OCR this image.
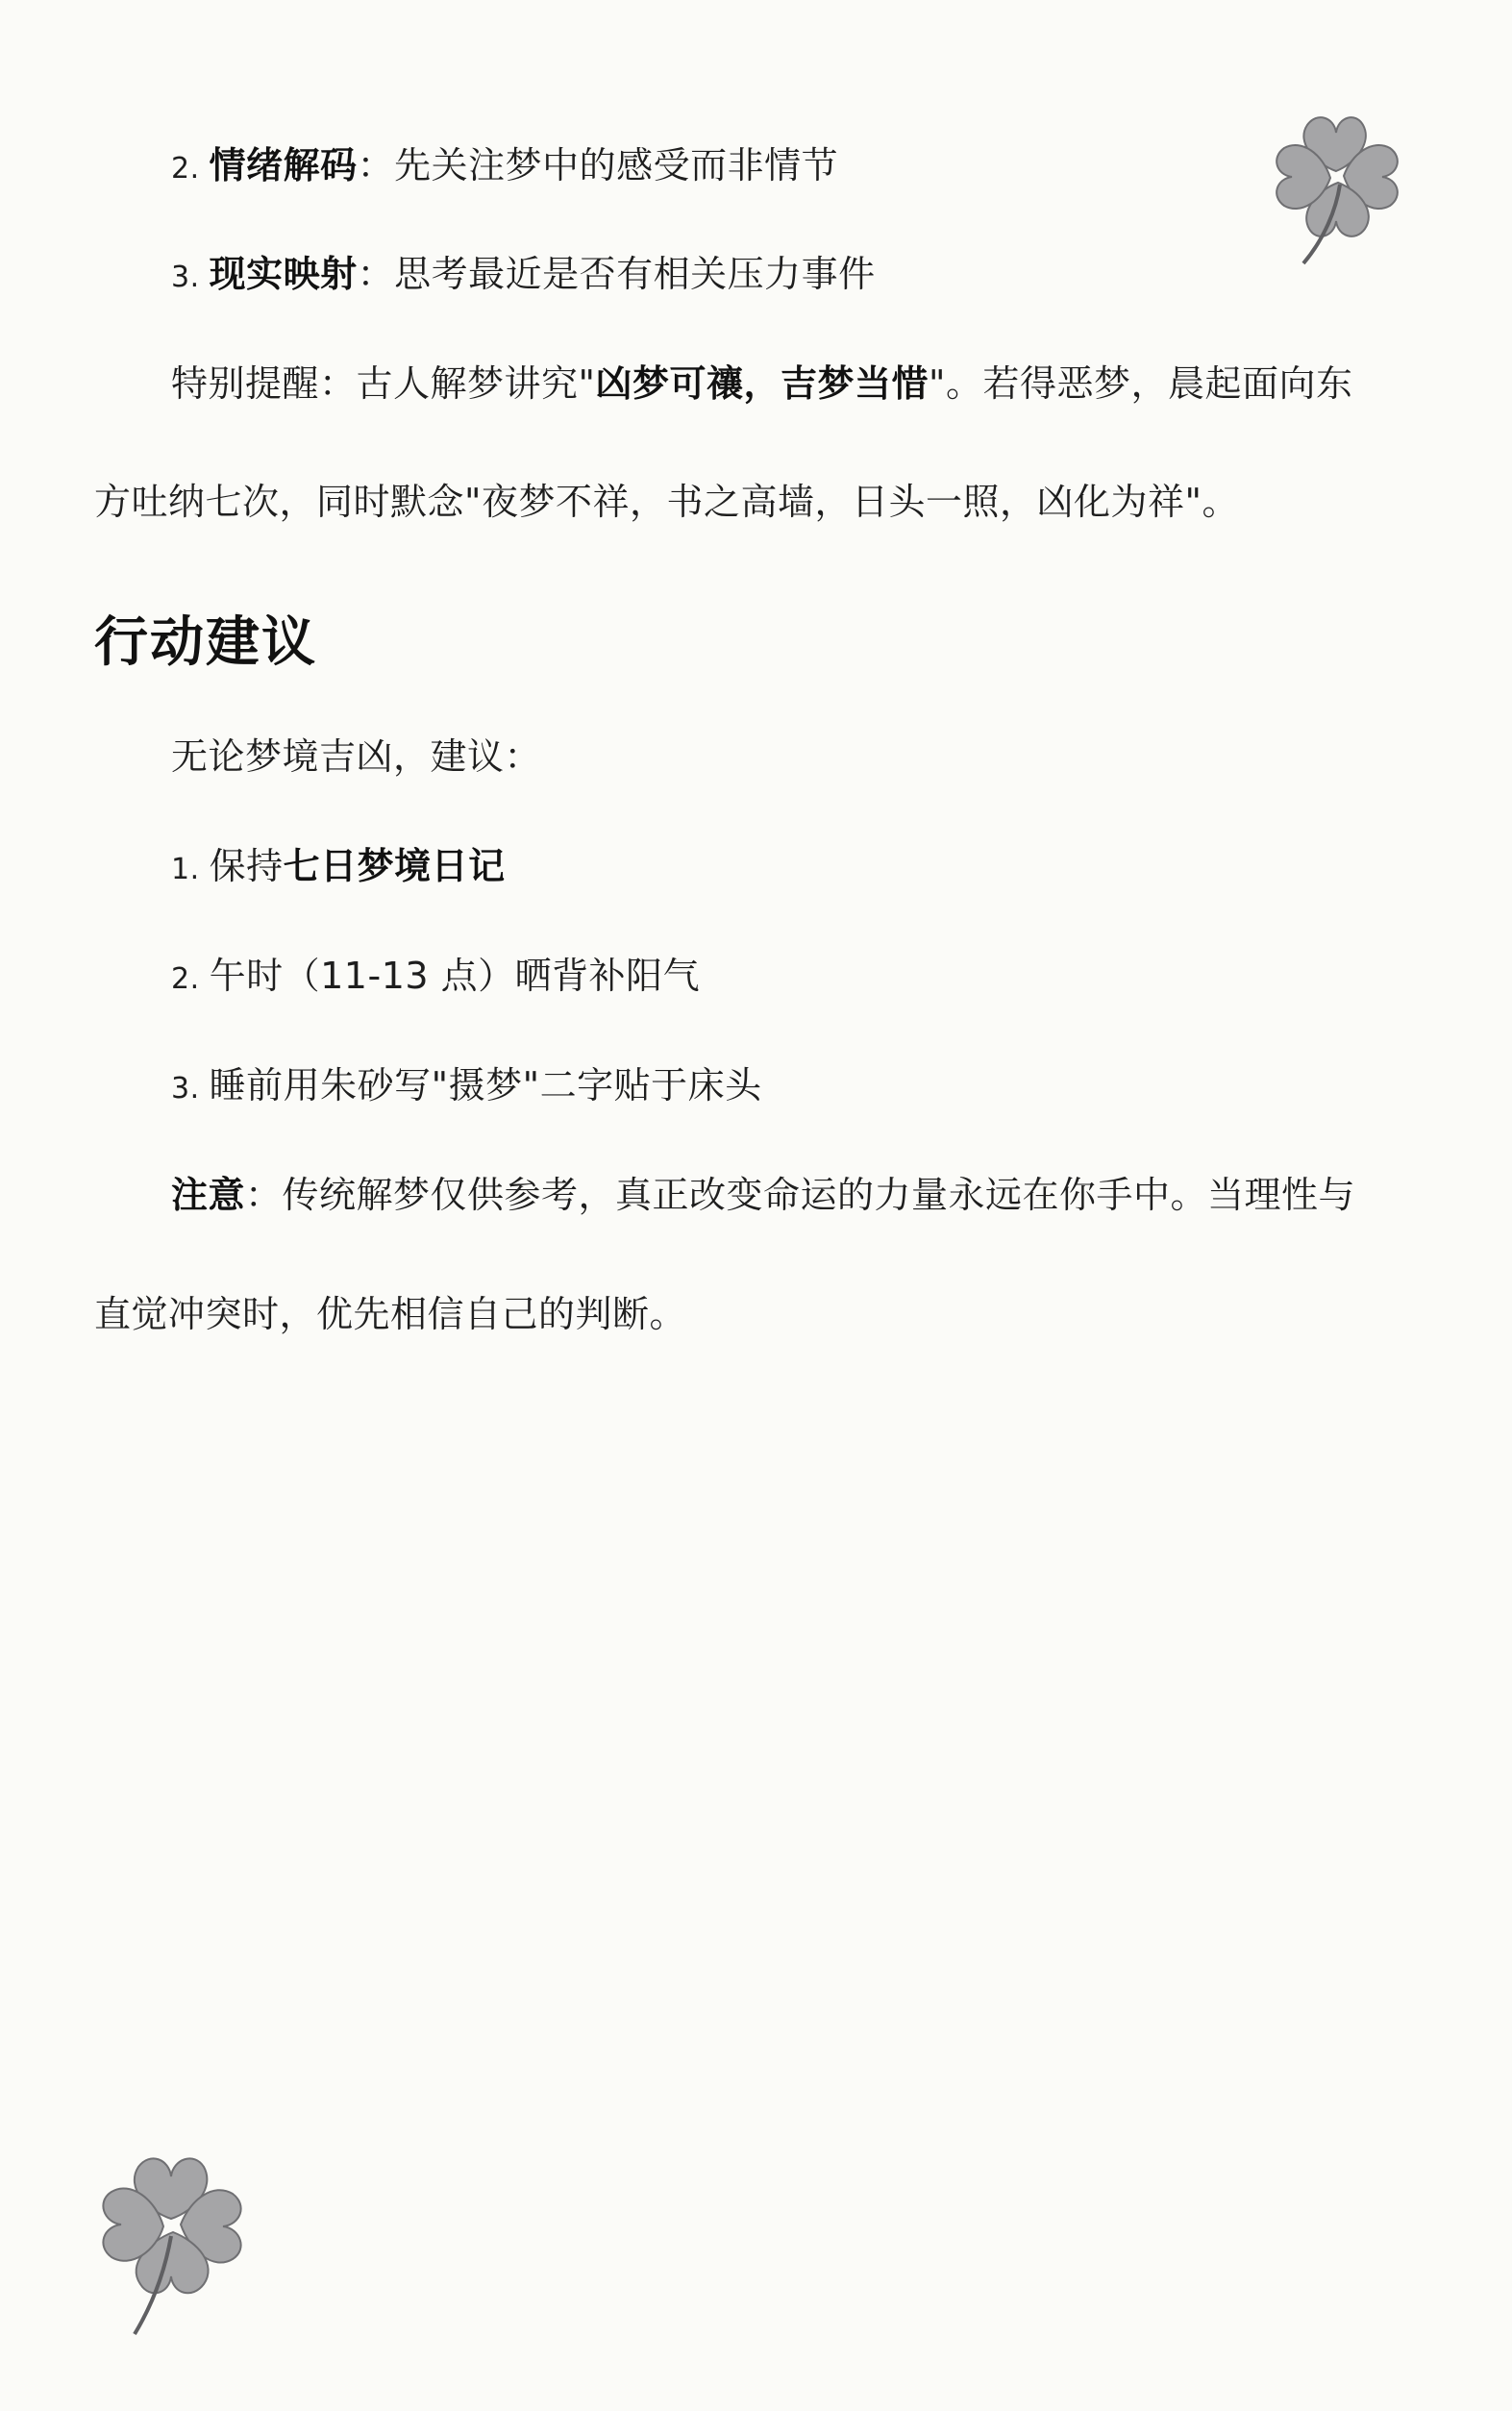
2. 情绪解码：先关注梦中的感受而非情节
3. 现实映射：思考最近是否有相关压力事件
特别提醒：古人解梦讲究"凶梦可禳，吉梦当惜"。若得恶梦，晨起面向东
方吐纳七次，同时默念"夜梦不祥，书之高墙，日头一照，凶化为祥"。
行动建议
无论梦境吉凶，建议：
1. 保持七日梦境日记
2. 午时（11-13 点）晒背补阳气
3. 睡前用朱砂写"摄梦"二字贴于床头
注意：传统解梦仅供参考，真正改变命运的力量永远在你手中。当理性与
直觉冲突时，优先相信自己的判断。
